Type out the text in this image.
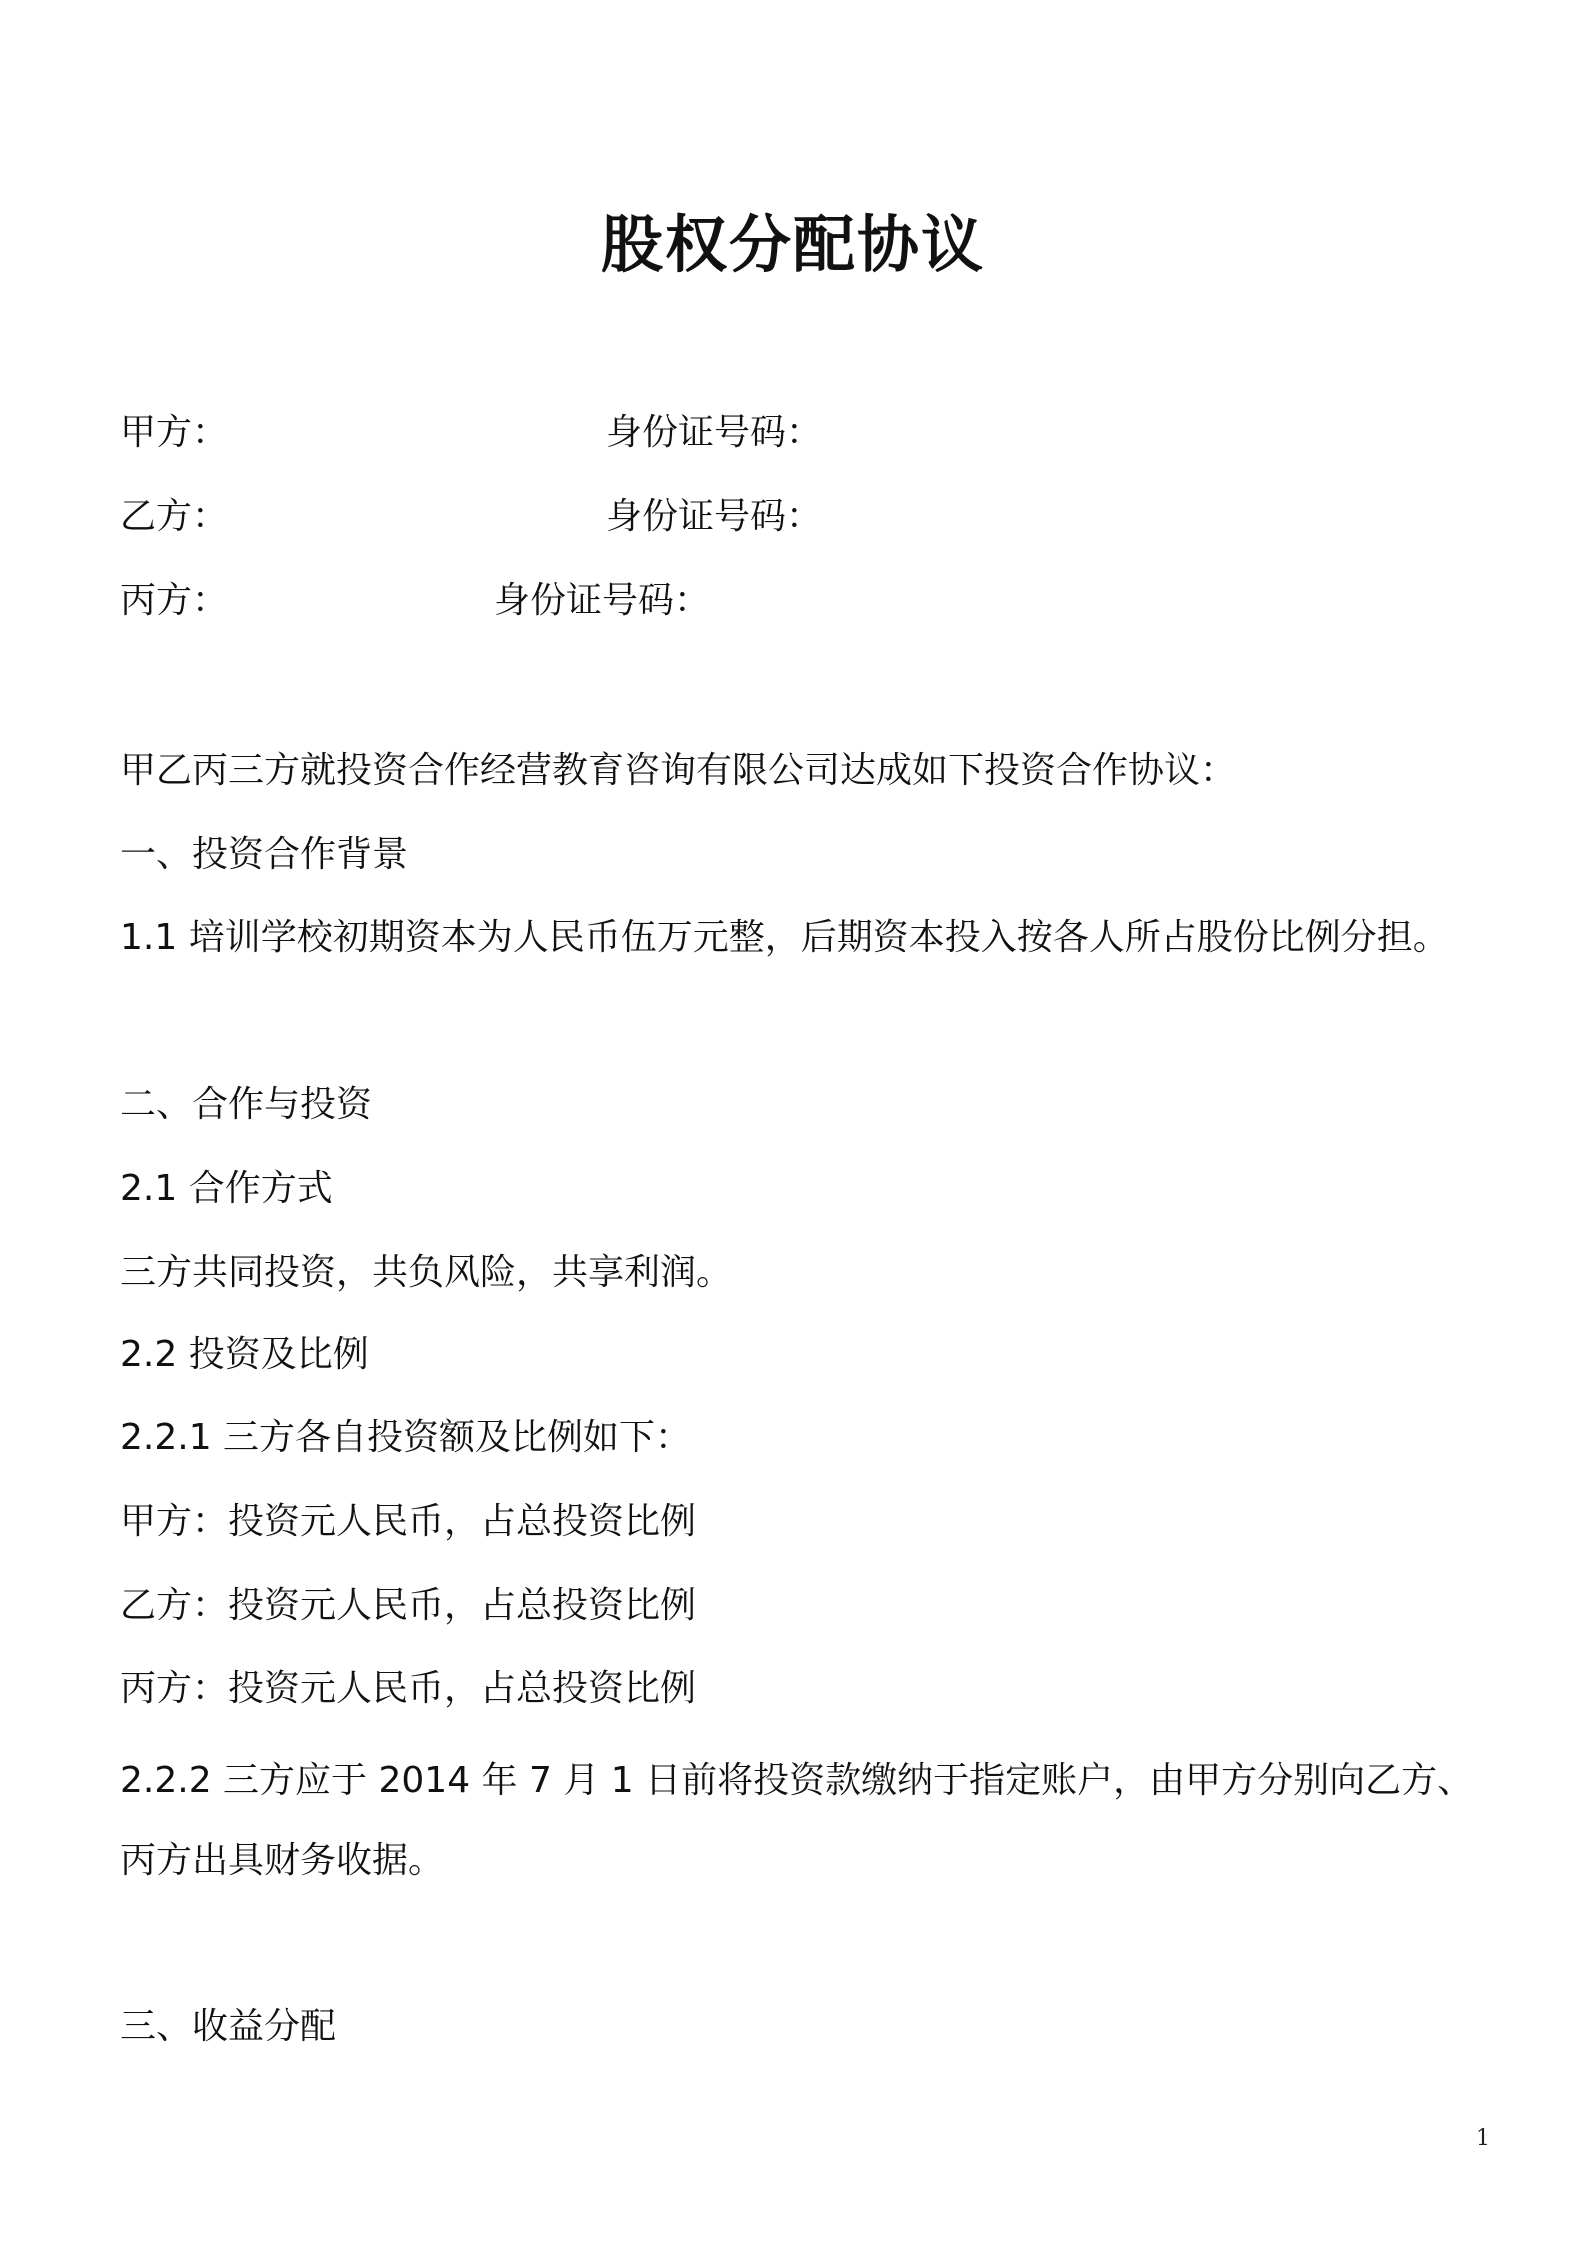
股权分配协议
甲方：	身份证号码：
乙方：	身份证号码：
丙方：	身份证号码：
甲乙丙三方就投资合作经营教育咨询有限公司达成如下投资合作协议：
一、投资合作背景
1.1 培训学校初期资本为人民币伍万元整，后期资本投入按各人所占股份比例分担。
二、合作与投资
2.1 合作方式
三方共同投资，共负风险，共享利润。
2.2 投资及比例
2.2.1 三方各自投资额及比例如下：
甲方：投资元人民币，占总投资比例
乙方：投资元人民币，占总投资比例
丙方：投资元人民币，占总投资比例
2.2.2 三方应于 2014 年 7 月 1 日前将投资款缴纳于指定账户，由甲方分别向乙方、
丙方出具财务收据。
三、收益分配
1
